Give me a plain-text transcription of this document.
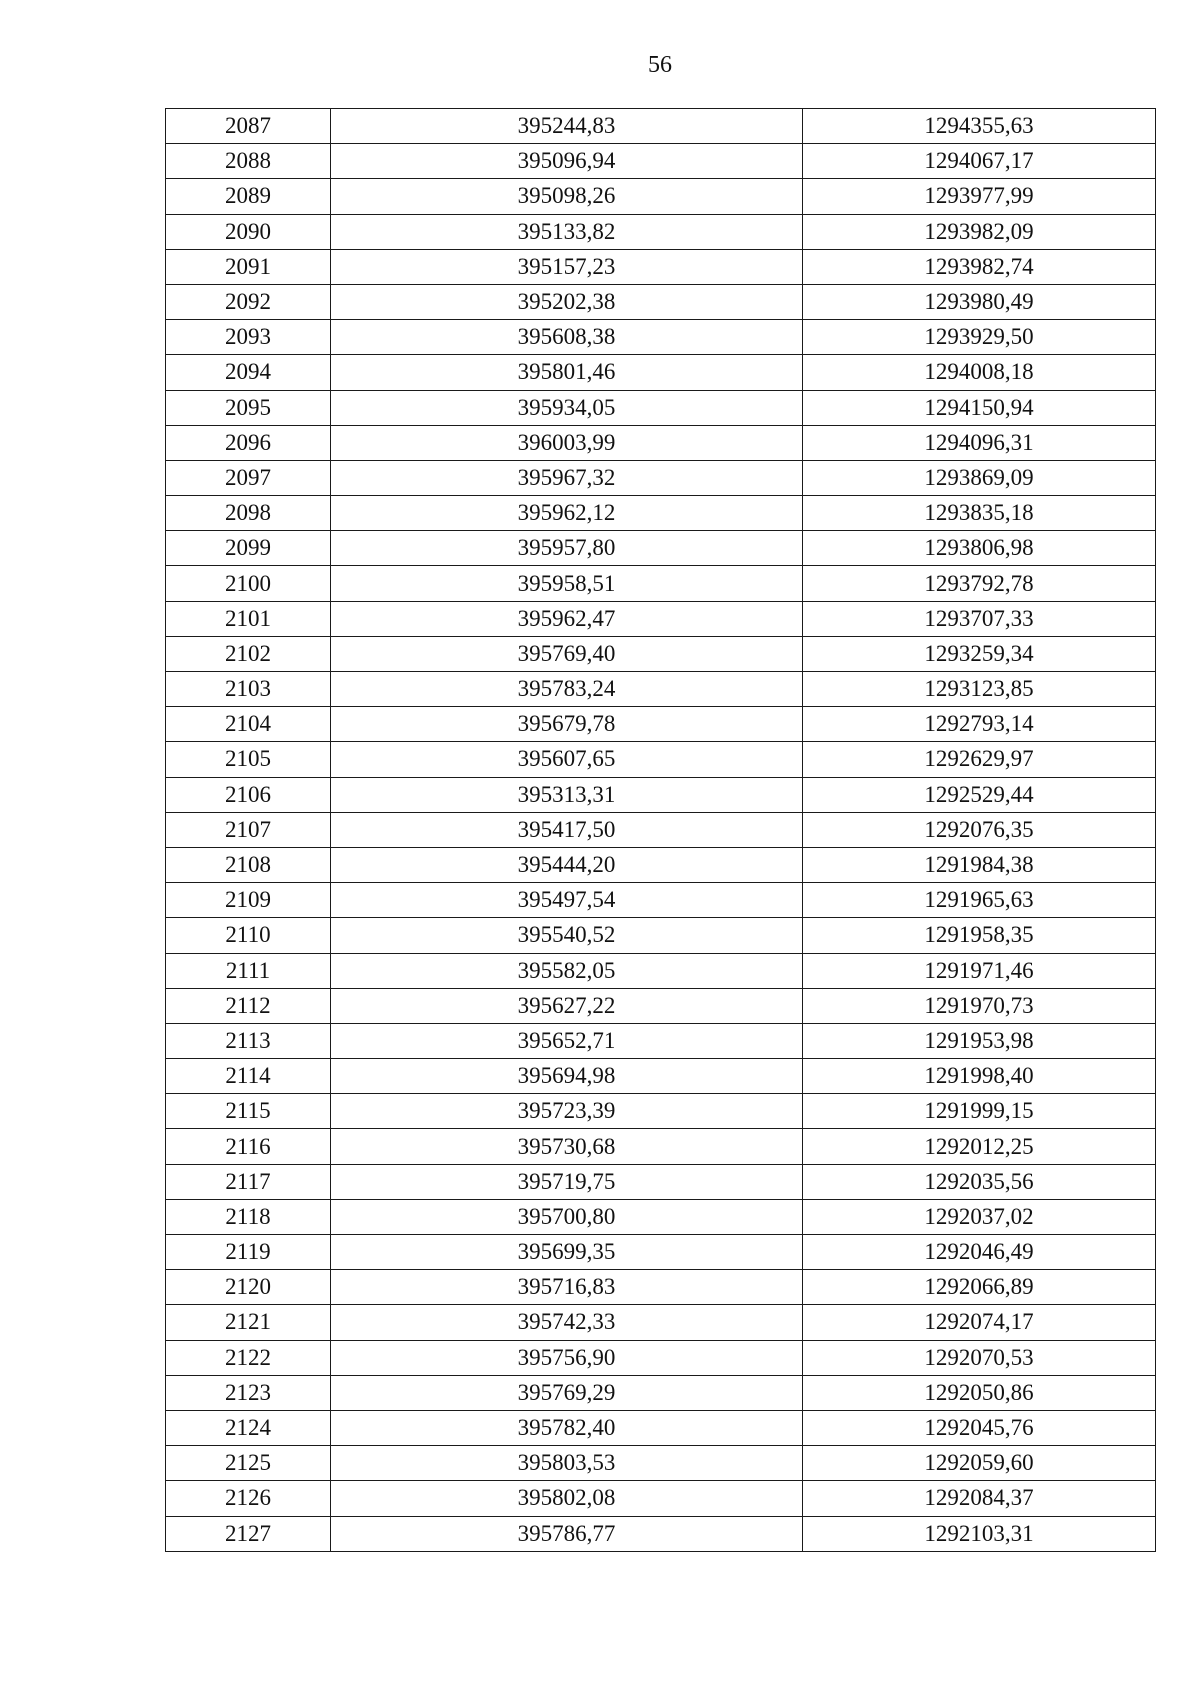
56
2087	395244,83	1294355,63
2088	395096,94	1294067,17
2089	395098,26	1293977,99
2090	395133,82	1293982,09
2091	395157,23	1293982,74
2092	395202,38	1293980,49
2093	395608,38	1293929,50
2094	395801,46	1294008,18
2095	395934,05	1294150,94
2096	396003,99	1294096,31
2097	395967,32	1293869,09
2098	395962,12	1293835,18
2099	395957,80	1293806,98
2100	395958,51	1293792,78
2101	395962,47	1293707,33
2102	395769,40	1293259,34
2103	395783,24	1293123,85
2104	395679,78	1292793,14
2105	395607,65	1292629,97
2106	395313,31	1292529,44
2107	395417,50	1292076,35
2108	395444,20	1291984,38
2109	395497,54	1291965,63
2110	395540,52	1291958,35
2111	395582,05	1291971,46
2112	395627,22	1291970,73
2113	395652,71	1291953,98
2114	395694,98	1291998,40
2115	395723,39	1291999,15
2116	395730,68	1292012,25
2117	395719,75	1292035,56
2118	395700,80	1292037,02
2119	395699,35	1292046,49
2120	395716,83	1292066,89
2121	395742,33	1292074,17
2122	395756,90	1292070,53
2123	395769,29	1292050,86
2124	395782,40	1292045,76
2125	395803,53	1292059,60
2126	395802,08	1292084,37
2127	395786,77	1292103,31
